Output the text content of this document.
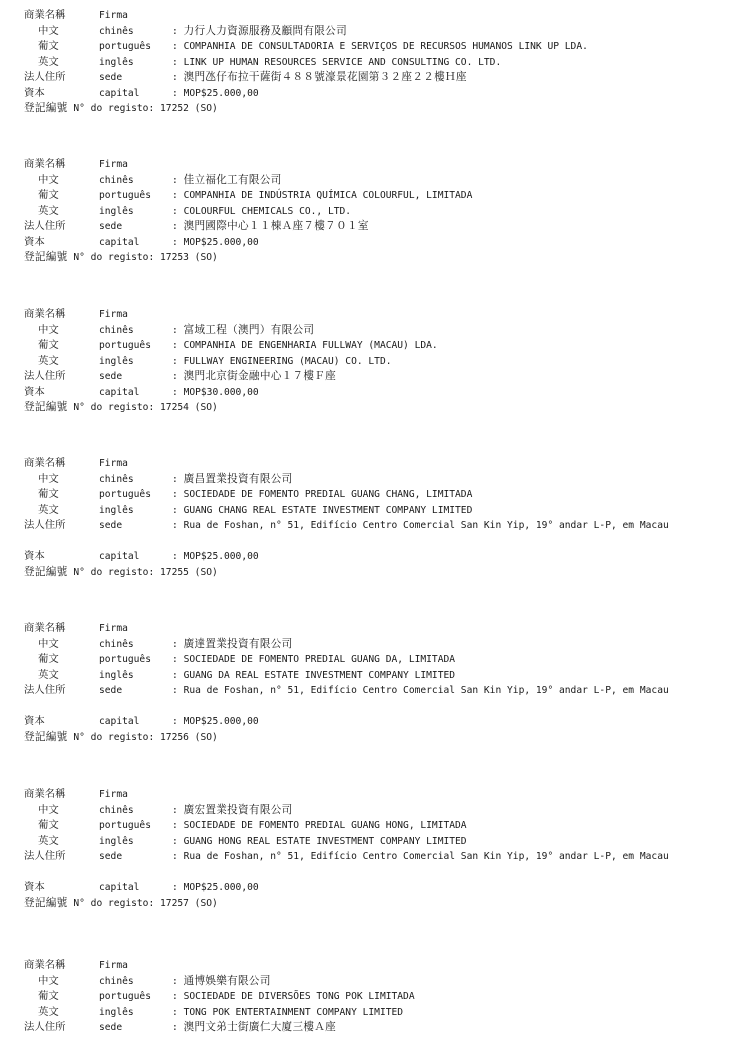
商業名稱	Firma
中文	chinês	: 力行人力資源服務及顧問有限公司
葡文	português : COMPANHIA DE CONSULTADORIA E SERVIÇOS DE RECURSOS HUMANOS LINK UP LDA.
英文	inglês	: LINK UP HUMAN RESOURCES SERVICE AND CONSULTING CO. LTD.
法人住所	sede	: 澳門氹仔布拉干薩街４８８號濠景花園第３２座２２樓Ｈ座
資本	capital	: MOP$25.000,00
登記編號 N° do registo: 17252 (SO)
商業名稱	Firma
中文	chinês	: 佳立福化工有限公司
葡文	português : COMPANHIA DE INDÚSTRIA QUÍMICA COLOURFUL, LIMITADA
英文	inglês	: COLOURFUL CHEMICALS CO., LTD.
法人住所	sede	: 澳門國際中心１１棟Ａ座７樓７０１室
資本	capital	: MOP$25.000,00
登記編號 N° do registo: 17253 (SO)
商業名稱	Firma
中文	chinês	: 富域工程（澳門）有限公司
葡文	português : COMPANHIA DE ENGENHARIA FULLWAY (MACAU) LDA.
英文	inglês	: FULLWAY ENGINEERING (MACAU) CO. LTD.
法人住所	sede	: 澳門北京街金融中心１７樓Ｆ座
資本	capital	: MOP$30.000,00
登記編號 N° do registo: 17254 (SO)
商業名稱	Firma
中文	chinês	: 廣昌置業投資有限公司
葡文	português : SOCIEDADE DE FOMENTO PREDIAL GUANG CHANG, LIMITADA
英文	inglês	: GUANG CHANG REAL ESTATE INVESTMENT COMPANY LIMITED
法人住所	sede	: Rua de Foshan, n° 51, Edifício Centro Comercial San Kin Yip, 19° andar L-P, em Macau
資本	capital	: MOP$25.000,00
登記編號 N° do registo: 17255 (SO)
商業名稱	Firma
中文	chinês	: 廣達置業投資有限公司
葡文	português : SOCIEDADE DE FOMENTO PREDIAL GUANG DA, LIMITADA
英文	inglês	: GUANG DA REAL ESTATE INVESTMENT COMPANY LIMITED
法人住所	sede	: Rua de Foshan, n° 51, Edifício Centro Comercial San Kin Yip, 19° andar L-P, em Macau
資本	capital	: MOP$25.000,00
登記編號 N° do registo: 17256 (SO)
商業名稱	Firma
中文	chinês	: 廣宏置業投資有限公司
葡文	português : SOCIEDADE DE FOMENTO PREDIAL GUANG HONG, LIMITADA
英文	inglês	: GUANG HONG REAL ESTATE INVESTMENT COMPANY LIMITED
法人住所	sede	: Rua de Foshan, n° 51, Edifício Centro Comercial San Kin Yip, 19° andar L-P, em Macau
資本	capital	: MOP$25.000,00
登記編號 N° do registo: 17257 (SO)
商業名稱	Firma
中文	chinês	: 通博娛樂有限公司
葡文	português : SOCIEDADE DE DIVERSÕES TONG POK LIMITADA
英文	inglês	: TONG POK ENTERTAINMENT COMPANY LIMITED
法人住所	sede	: 澳門文弟士街廣仁大廈三樓Ａ座
